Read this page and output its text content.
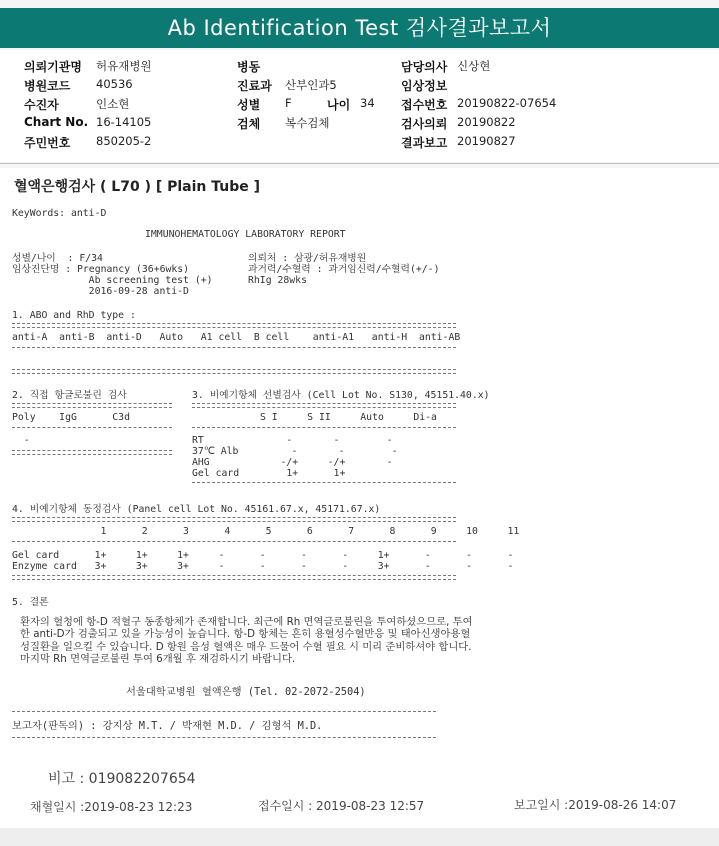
Ab Identification Test 검사결과보고서
의뢰기관명 허유재병원
병원코드 40536
수진자	인소현
Chart No. 16-14105
주민번호 850205-2
병동
진료과 산부인과5
성별 F	나이 34
검체 복수검체
담당의사 신상현
임상정보
접수번호 20190822-07654
검사의뢰 20190822
결과보고 20190827
혈액은행검사 ( L70 ) [ Plain Tube ]
KeyWords: anti-D
IMMUNOHEMATOLOGY LABORATORY REPORT
성별/나이  : F/34
임상진단명 : Pregnancy (36+6wks)
Ab screening test (+)
2016-09-28 anti-D
의뢰처 : 삼광/허유재병원
과거력/수혈력 : 과거임신력/수혈력(+/-)
RhIg 28wks
1. ABO and RhD type :
anti-A  anti-B  anti-D   Auto   A1 cell  B cell    anti-A1   anti-H  anti-AB
2. 직접 항글로불린 검사
Poly    IgG      C3d
-
3. 비예기항체 선별검사 (Cell Lot No. S130, 45151.40.x)
S I     S II     Auto     Di-a
RT              -       -        -
37℃ Alb         -       -        -
AHG            -/+     -/+       -
Gel card        1+      1+
4. 비예기항체 동정검사 (Panel cell Lot No. 45161.67.x, 45171.67.x)
1      2      3      4      5      6      7      8      9     10     11
Gel card      1+     1+     1+     -      -      -      -     1+      -      -      -
Enzyme card   3+     3+     3+     -      -      -      -     3+      -      -      -
5. 결론
환자의 혈청에 항-D 적혈구 동종항체가 존재합니다. 최근에 Rh 면역글로불린을 투여하셨으므로, 투여한 anti-D가 검출되고 있을 가능성이 높습니다. 항-D 항체는 흔히 용혈성수혈반응 및 태아신생아용혈성질환을 일으킬 수 있습니다. D 항원 음성 혈액은 매우 드물어 수혈 필요 시 미리 준비하셔야 합니다. 마지막 Rh 면역글로불린 투여 6개월 후 재검하시기 바랍니다.
서울대학교병원 혈액은행 (Tel. 02-2072-2504)
보고자(판독의) : 강지상 M.T. / 박재현 M.D. / 김형석 M.D.
비고 : 019082207654
채혈일시 :2019-08-23 12:23	접수일시 : 2019-08-23 12:57	보고일시 :2019-08-26 14:07
